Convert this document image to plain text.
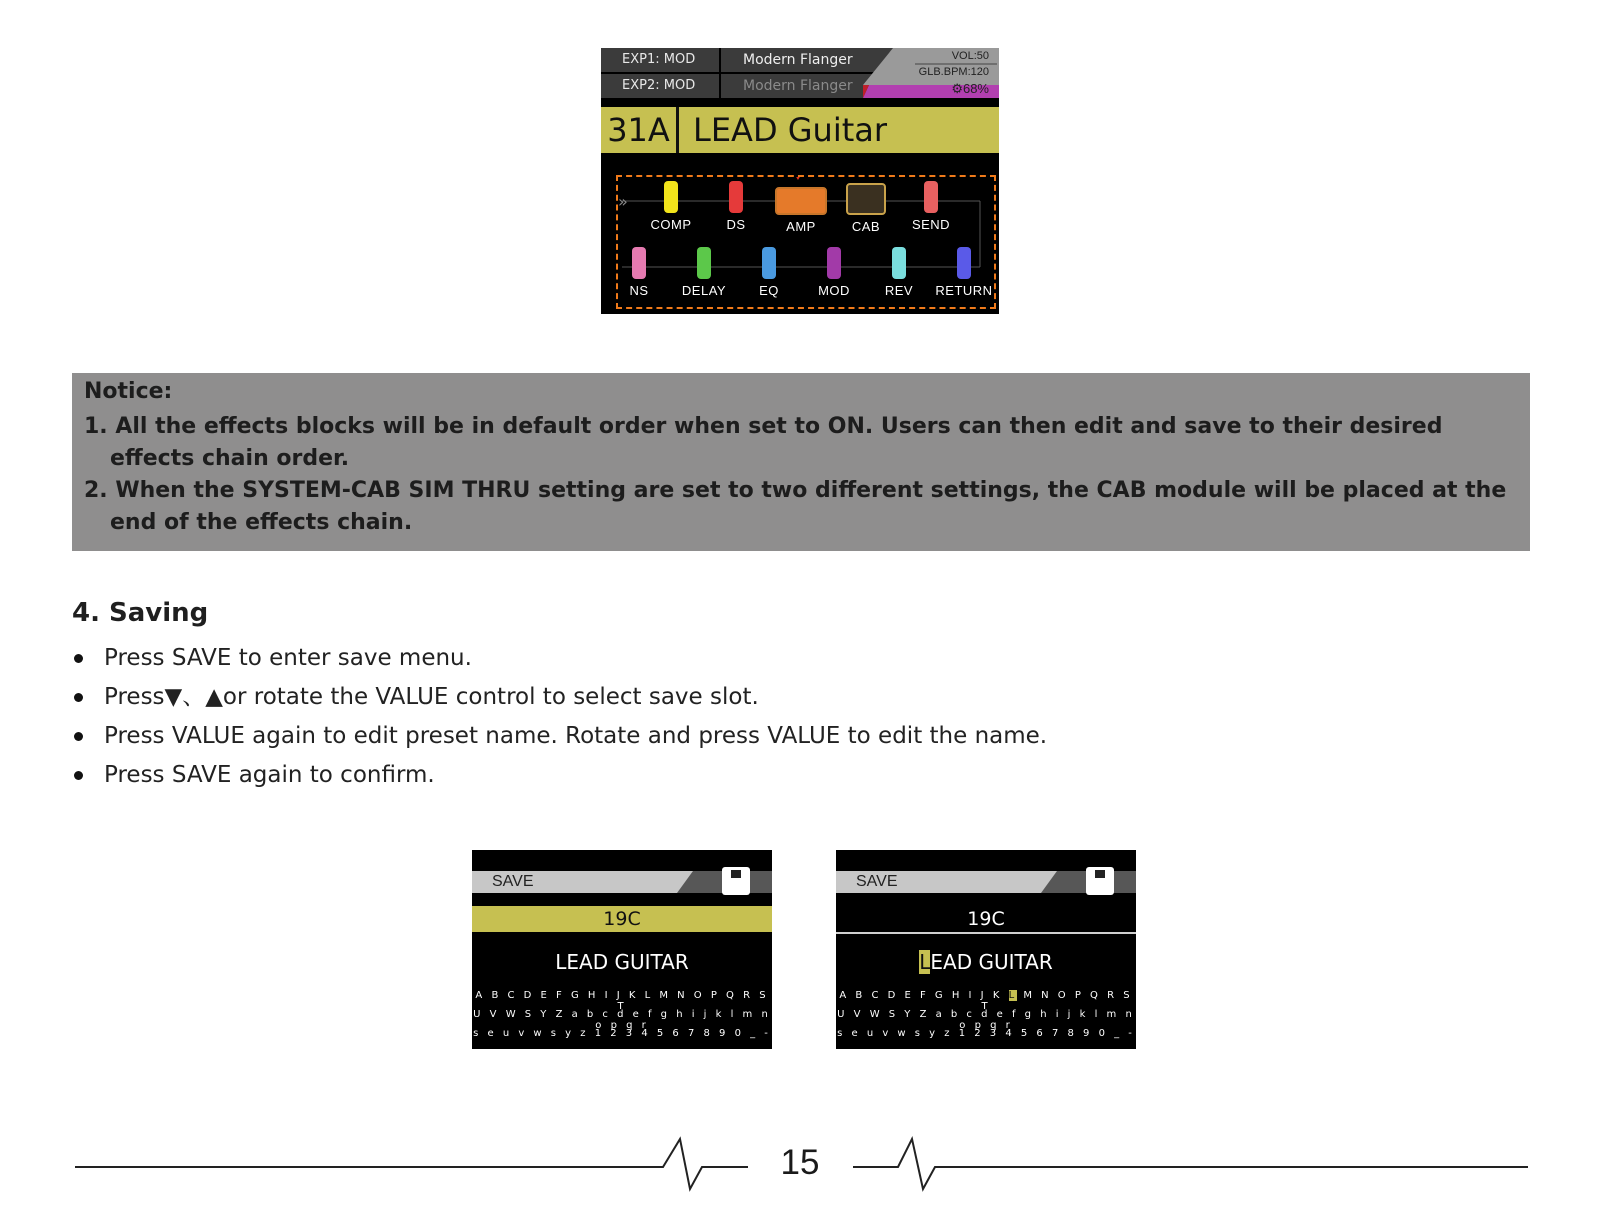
EXP1: MOD
EXP2: MOD
Modern Flanger
Modern Flanger
VOL:50
GLB.BPM:120
⚙68%
31A LEAD Guitar
»
COMP	DS	AMP	CAB	SEND
NS	DELAY	EQ	MOD	REV	RETURN

Notice:

1. All the effects blocks will be in default order when set to ON. Users can then edit and save to their desired effects chain order.

2. When the SYSTEM-CAB SIM THRU setting are set to two different settings, the CAB module will be placed at the end of the effects chain.

4. Saving
Press SAVE to enter save menu.
Press▼、▲or rotate the VALUE control to select save slot.
Press VALUE again to edit preset name. Rotate and press VALUE to edit the name.
Press SAVE again to confirm.
SAVE
19C
LEAD GUITAR
A B C D E F G H I J K L M N O P Q R S T
U V W S Y Z a b c d e f g h i j k l m n o p q r
s e u v w s y z 1 2 3 4 5 6 7 8 9 0 _ -
SAVE
19C
LEAD GUITAR
A B C D E F G H I J K L M N O P Q R S T
U V W S Y Z a b c d e f g h i j k l m n o p q r
s e u v w s y z 1 2 3 4 5 6 7 8 9 0 _ -
15
